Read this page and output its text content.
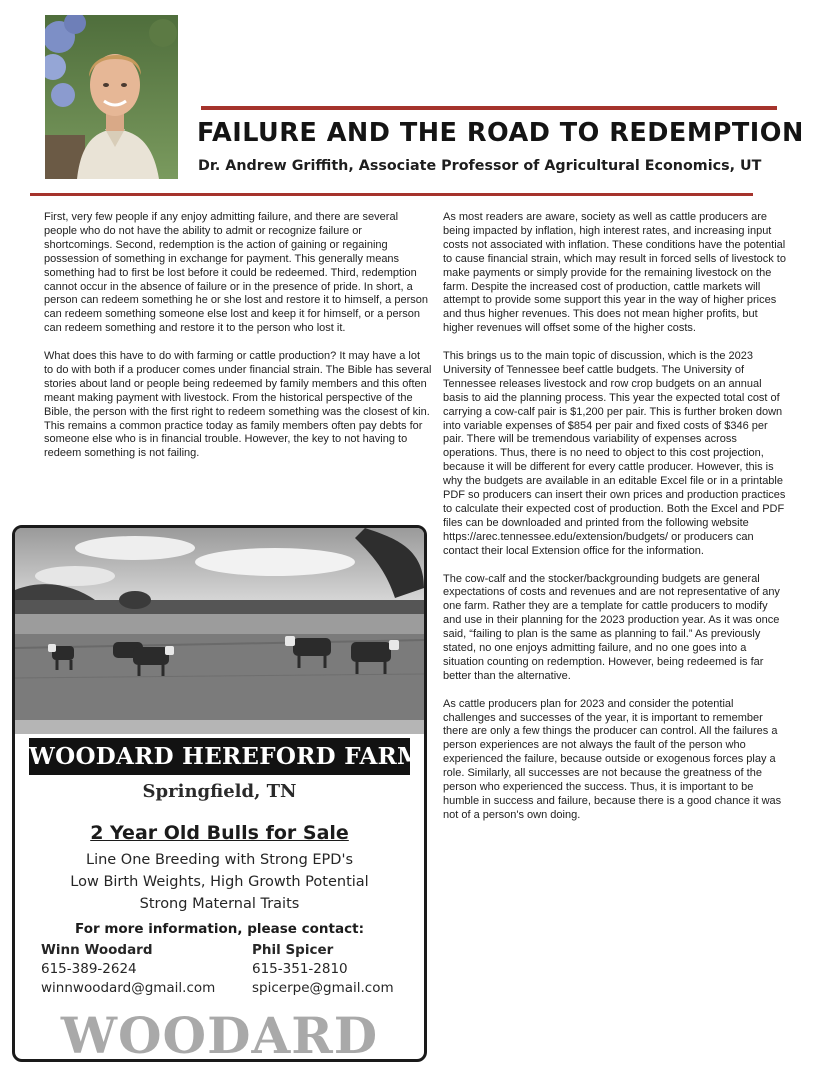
FAILURE AND THE ROAD TO REDEMPTION
Dr. Andrew Griffith, Associate Professor of Agricultural Economics, UT

First, very few people if any enjoy admitting failure, and there are several people who do not have the ability to admit or recognize failure or shortcomings. Second, redemption is the action of gaining or regaining possession of something in exchange for payment. This generally means something had to first be lost before it could be redeemed. Third, redemption cannot occur in the absence of failure or in the presence of pride. In short, a person can redeem something he or she lost and restore it to himself, a person can redeem something someone else lost and keep it for himself, or a person can redeem something and restore it to the person who lost it.

What does this have to do with farming or cattle production? It may have a lot to do with both if a producer comes under financial strain. The Bible has several stories about land or people being redeemed by family members and this often meant making payment with livestock. From the historical perspective of the Bible, the person with the first right to redeem something was the closest of kin. This remains a common practice today as family members often pay debts for someone else who is in financial trouble. However, the key to not having to redeem something is not failing.

As most readers are aware, society as well as cattle producers are being impacted by inflation, high interest rates, and increasing input costs not associated with inflation. These conditions have the potential to cause financial strain, which may result in forced sells of livestock to make payments or simply provide for the remaining livestock on the farm. Despite the increased cost of production, cattle markets will attempt to provide some support this year in the way of higher prices and thus higher revenues. This does not mean higher profits, but higher revenues will offset some of the higher costs.

This brings us to the main topic of discussion, which is the 2023 University of Tennessee beef cattle budgets. The University of Tennessee releases livestock and row crop budgets on an annual basis to aid the planning process. This year the expected total cost of carrying a cow-calf pair is $1,200 per pair. This is further broken down into variable expenses of $854 per pair and fixed costs of $346 per pair. There will be tremendous variability of expenses across operations. Thus, there is no need to object to this cost projection, because it will be different for every cattle producer. However, this is why the budgets are available in an editable Excel file or in a printable PDF so producers can insert their own prices and production practices to calculate their expected cost of production. Both the Excel and PDF files can be downloaded and printed from the following website https://arec.tennessee.edu/extension/budgets/ or producers can contact their local Extension office for the information.

The cow-calf and the stocker/backgrounding budgets are general expectations of costs and revenues and are not representative of any one farm. Rather they are a template for cattle producers to modify and use in their planning for the 2023 production year. As it was once said, “failing to plan is the same as planning to fail.” As previously stated, no one enjoys admitting failure, and no one goes into a situation counting on redemption. However, being redeemed is far better than the alternative.

As cattle producers plan for 2023 and consider the potential challenges and successes of the year, it is important to remember there are only a few things the producer can control. All the failures a person experiences are not always the fault of the person who experienced the failure, because outside or exogenous forces play a role. Similarly, all successes are not because the greatness of the person who experienced the success. Thus, it is important to be humble in success and failure, because there is a good chance it was not of a person's own doing.

WOODARD HEREFORD FARM
Springfield, TN
2 Year Old Bulls for Sale
Line One Breeding with Strong EPD's
Low Birth Weights, High Growth Potential
Strong Maternal Traits
For more information, please contact:
Winn Woodard
615-389-2624
winnwoodard@gmail.com
Phil Spicer
615-351-2810
spicerpe@gmail.com
WOODARD
